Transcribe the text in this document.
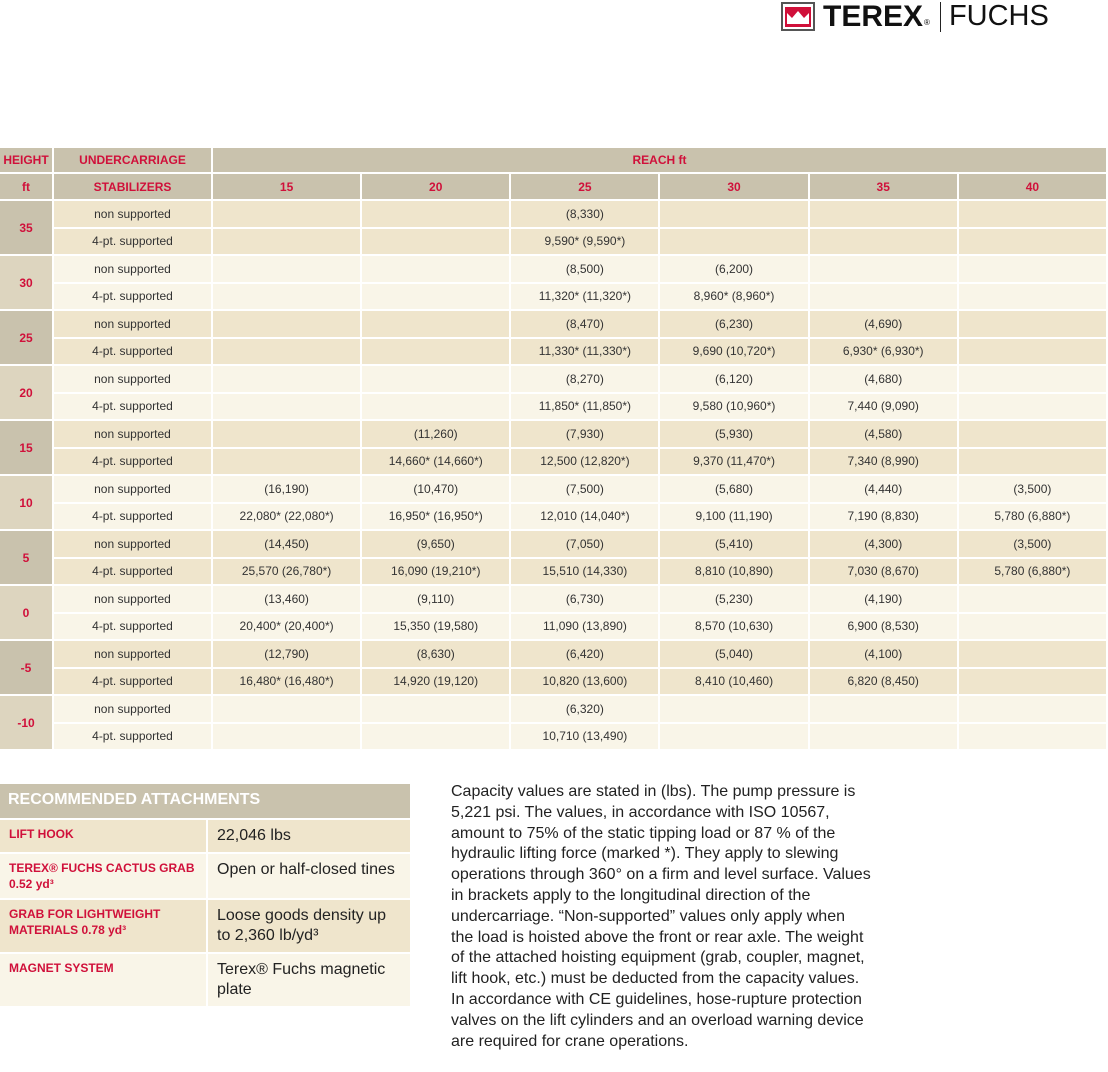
TEREX ® FUCHS
HEIGHT	UNDERCARRIAGE	REACH ft					
ft	STABILIZERS	15	20	25	30	35	40
35	non supported			(8,330)			
	4-pt. supported			9,590* (9,590*)			
30	non supported			(8,500)	(6,200)		
	4-pt. supported			11,320* (11,320*)	8,960* (8,960*)		
25	non supported			(8,470)	(6,230)	(4,690)	
	4-pt. supported			11,330* (11,330*)	9,690 (10,720*)	6,930* (6,930*)	
20	non supported			(8,270)	(6,120)	(4,680)	
	4-pt. supported			11,850* (11,850*)	9,580 (10,960*)	7,440 (9,090)	
15	non supported		(11,260)	(7,930)	(5,930)	(4,580)	
	4-pt. supported		14,660* (14,660*)	12,500 (12,820*)	9,370 (11,470*)	7,340 (8,990)	
10	non supported	(16,190)	(10,470)	(7,500)	(5,680)	(4,440)	(3,500)
	4-pt. supported	22,080* (22,080*)	16,950* (16,950*)	12,010 (14,040*)	9,100 (11,190)	7,190 (8,830)	5,780 (6,880*)
5	non supported	(14,450)	(9,650)	(7,050)	(5,410)	(4,300)	(3,500)
	4-pt. supported	25,570 (26,780*)	16,090 (19,210*)	15,510 (14,330)	8,810 (10,890)	7,030 (8,670)	5,780 (6,880*)
0	non supported	(13,460)	(9,110)	(6,730)	(5,230)	(4,190)	
	4-pt. supported	20,400* (20,400*)	15,350 (19,580)	11,090 (13,890)	8,570 (10,630)	6,900 (8,530)	
-5	non supported	(12,790)	(8,630)	(6,420)	(5,040)	(4,100)	
	4-pt. supported	16,480* (16,480*)	14,920 (19,120)	10,820 (13,600)	8,410 (10,460)	6,820 (8,450)	
-10	non supported			(6,320)			
	4-pt. supported			10,710 (13,490)			
RECOMMENDED ATTACHMENTS	
LIFT HOOK	22,046 lbs
TEREX® FUCHS CACTUS GRAB 0.52 yd³	Open or half-closed tines
GRAB FOR LIGHTWEIGHT MATERIALS 0.78 yd³	Loose goods density up to 2,360 lb/yd³
MAGNET SYSTEM	Terex® Fuchs magnetic plate
Capacity values are stated in (lbs). The pump pressure is 5,221 psi. The values, in accordance with ISO 10567, amount to 75% of the static tipping load or 87 % of the hydraulic lifting force (marked *). They apply to slewing operations through 360° on a firm and level surface. Values in brackets apply to the longitudinal direction of the undercarriage. “Non-supported” values only apply when the load is hoisted above the front or rear axle. The weight of the attached hoisting equipment (grab, coupler, magnet, lift hook, etc.) must be deducted from the capacity values. In accordance with CE guidelines, hose-rupture protection valves on the lift cylinders and an overload warning device are required for crane operations.
